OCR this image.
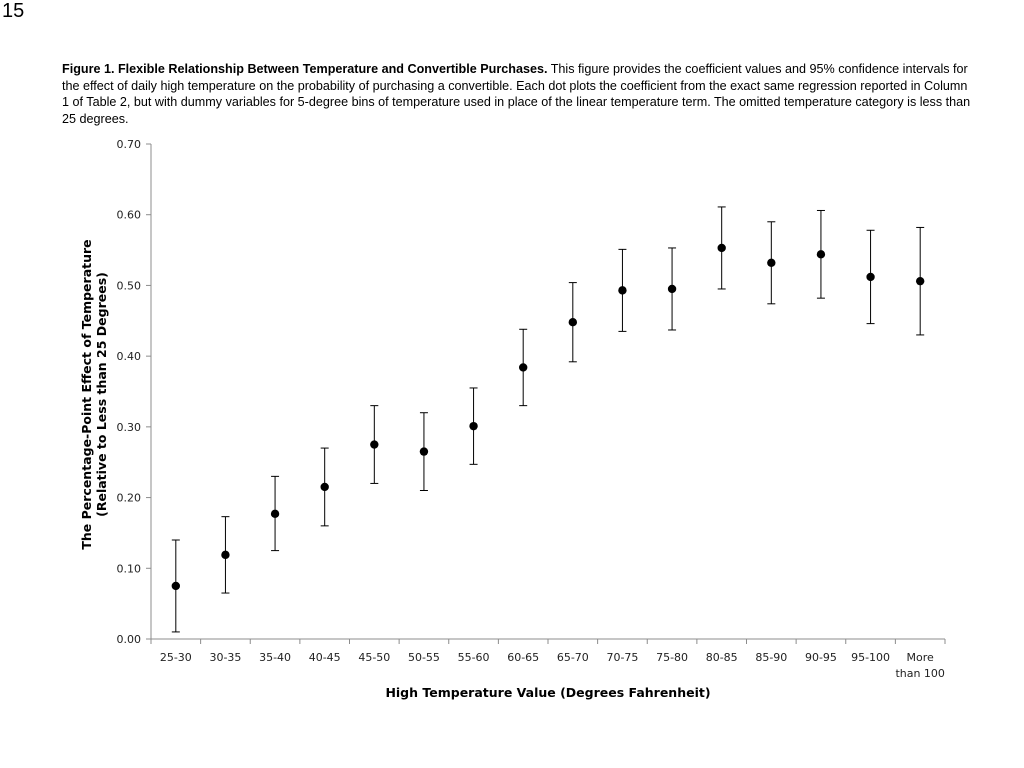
15
Figure 1. Flexible Relationship Between Temperature and Convertible Purchases. This figure provides the coefficient values and 95% confidence intervals for the effect of daily high temperature on the probability of purchasing a convertible. Each dot plots the coefficient from the exact same regression reported in Column 1 of Table 2, but with dummy variables for 5-degree bins of temperature used in place of the linear temperature term. The omitted temperature category is less than 25 degrees.
0.00
0.10
0.20
0.30
0.40
0.50
0.60
0.70
25-30 30-35 35-40 40-45 45-50 50-55 55-60 60-65 65-70 70-75 75-80 80-85 85-90 90-95 95-100	More than 100
High Temperature Value (Degrees Fahrenheit)
The Percentage-Point Effect of Temperature (Relative to Less than 25 Degrees)
